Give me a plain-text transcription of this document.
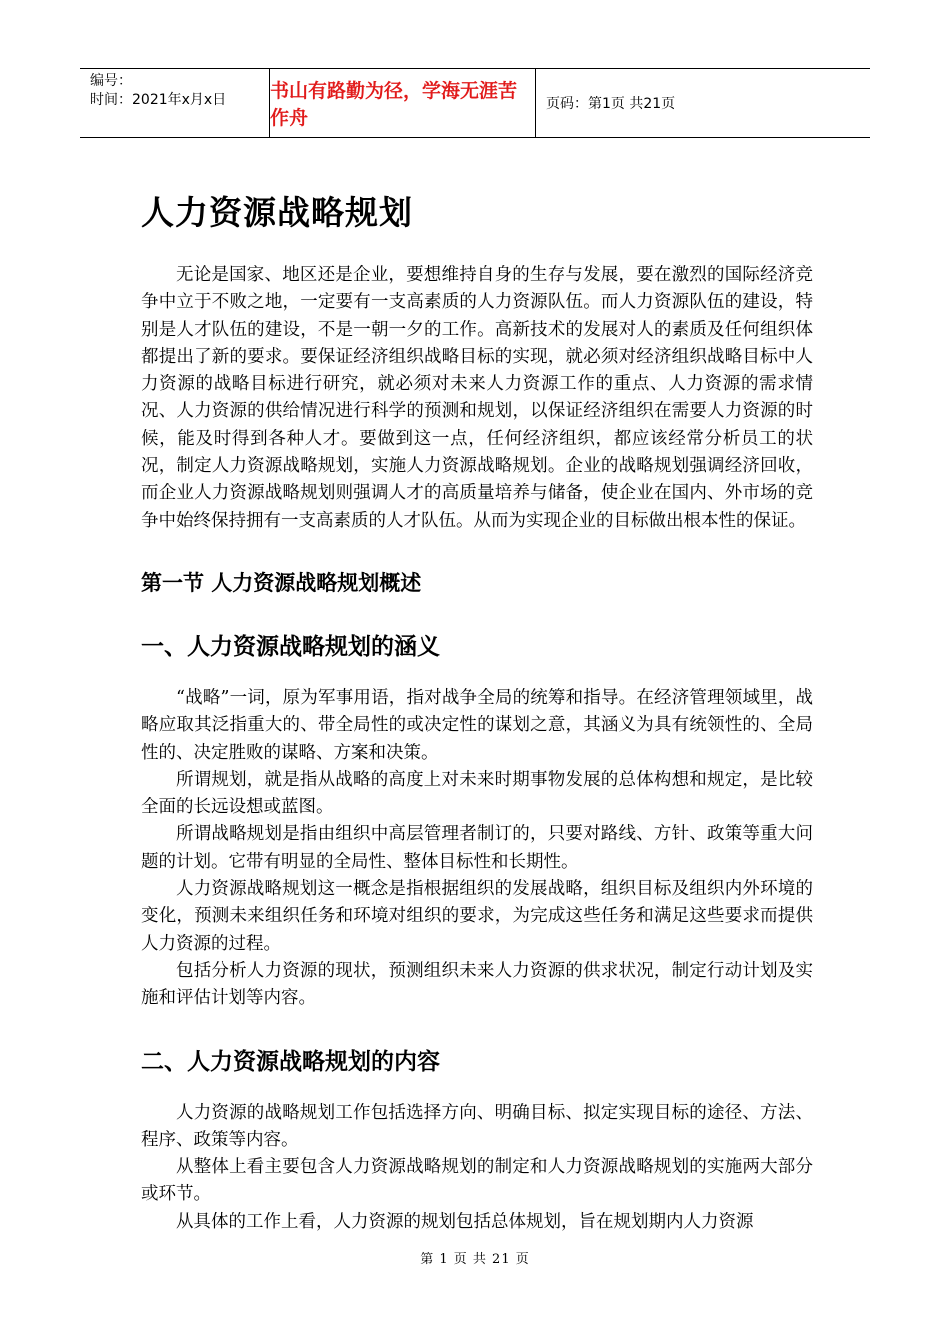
编号：
时间：2021年x月x日	书山有路勤为径，学海无涯苦作舟
页码：第1页 共21页
人力资源战略规划

无论是国家、地区还是企业，要想维持自身的生存与发展，要在激烈的国际经济竞争中立于不败之地，一定要有一支高素质的人力资源队伍。而人力资源队伍的建设，特别是人才队伍的建设，不是一朝一夕的工作。高新技术的发展对人的素质及任何组织体都提出了新的要求。要保证经济组织战略目标的实现，就必须对经济组织战略目标中人力资源的战略目标进行研究，就必须对未来人力资源工作的重点、人力资源的需求情况、人力资源的供给情况进行科学的预测和规划，以保证经济组织在需要人力资源的时候，能及时得到各种人才。要做到这一点，任何经济组织，都应该经常分析员工的状况，制定人力资源战略规划，实施人力资源战略规划。企业的战略规划强调经济回收，而企业人力资源战略规划则强调人才的高质量培养与储备，使企业在国内、外市场的竞争中始终保持拥有一支高素质的人才队伍。从而为实现企业的目标做出根本性的保证。

第一节 人力资源战略规划概述
一、人力资源战略规划的涵义

“战略”一词，原为军事用语，指对战争全局的统筹和指导。在经济管理领域里，战略应取其泛指重大的、带全局性的或决定性的谋划之意，其涵义为具有统领性的、全局性的、决定胜败的谋略、方案和决策。

所谓规划，就是指从战略的高度上对未来时期事物发展的总体构想和规定，是比较全面的长远设想或蓝图。

所谓战略规划是指由组织中高层管理者制订的，只要对路线、方针、政策等重大问题的计划。它带有明显的全局性、整体目标性和长期性。

人力资源战略规划这一概念是指根据组织的发展战略，组织目标及组织内外环境的变化，预测未来组织任务和环境对组织的要求，为完成这些任务和满足这些要求而提供人力资源的过程。

包括分析人力资源的现状，预测组织未来人力资源的供求状况，制定行动计划及实施和评估计划等内容。

二、人力资源战略规划的内容

人力资源的战略规划工作包括选择方向、明确目标、拟定实现目标的途径、方法、程序、政策等内容。

从整体上看主要包含人力资源战略规划的制定和人力资源战略规划的实施两大部分或环节。

从具体的工作上看，人力资源的规划包括总体规划，旨在规划期内人力资源

第 1 页 共 21 页
